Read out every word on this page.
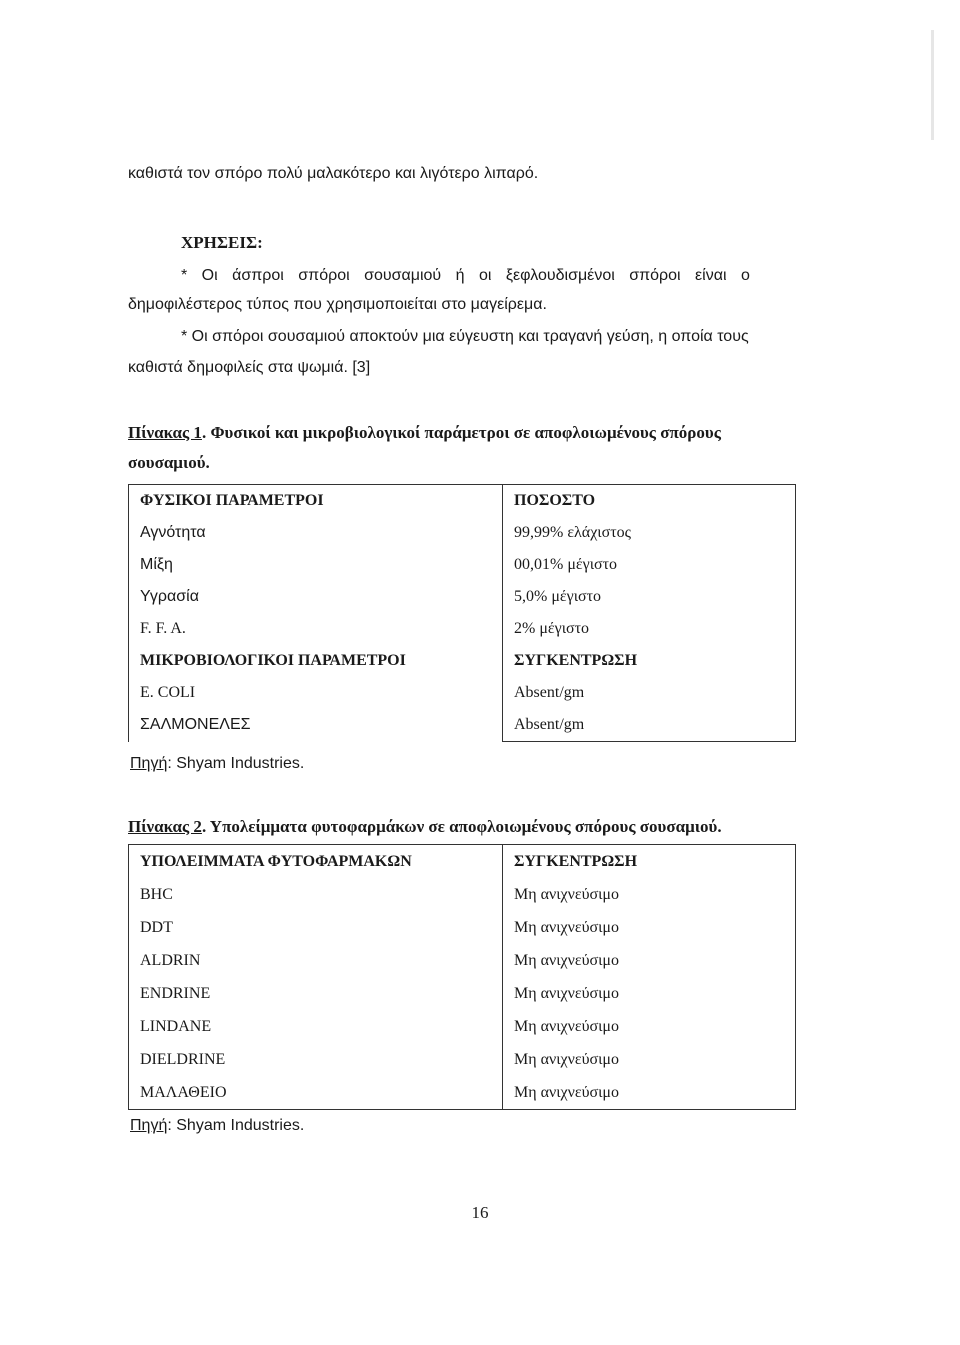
καθιστά τον σπόρο πολύ μαλακότερο και λιγότερο λιπαρό.
ΧΡΗΣΕΙΣ:
* Οι άσπροι σπόροι σουσαμιού ή οι ξεφλουδισμένοι σπόροι είναι ο
δημοφιλέστερος τύπος που χρησιμοποιείται στο μαγείρεμα.
* Οι σπόροι σουσαμιού αποκτούν μια εύγευστη και τραγανή γεύση, η οποία τους
καθιστά δημοφιλείς στα ψωμιά. [3]
Πίνακας 1. Φυσικοί και μικροβιολογικοί παράμετροι σε αποφλοιωμένους σπόρους
σουσαμιού.
ΦΥΣΙΚΟΙ ΠΑΡΑΜΕΤΡΟΙ	ΠΟΣΟΣΤΟ
Αγνότητα	99,99% ελάχιστος
Μίξη	00,01% μέγιστο
Υγρασία	5,0% μέγιστο
F. F. A.	2% μέγιστο
ΜΙΚΡΟΒΙΟΛΟΓΙΚΟΙ ΠΑΡΑΜΕΤΡΟΙ	ΣΥΓΚΕΝΤΡΩΣΗ
E. COLI	Absent/gm
ΣΑΛΜΟΝΕΛΕΣ	Absent/gm
Πηγή: Shyam Industries.
Πίνακας 2. Υπολείμματα φυτοφαρμάκων σε αποφλοιωμένους σπόρους σουσαμιού.
ΥΠΟΛΕΙΜΜΑΤΑ ΦΥΤΟΦΑΡΜΑΚΩΝ	ΣΥΓΚΕΝΤΡΩΣΗ
BHC	Μη ανιχνεύσιμο
DDT	Μη ανιχνεύσιμο
ALDRIN	Μη ανιχνεύσιμο
ENDRINE	Μη ανιχνεύσιμο
LINDANE	Μη ανιχνεύσιμο
DIELDRINE	Μη ανιχνεύσιμο
ΜΑΛΑΘΕΙΟ	Μη ανιχνεύσιμο
Πηγή: Shyam Industries.
16
